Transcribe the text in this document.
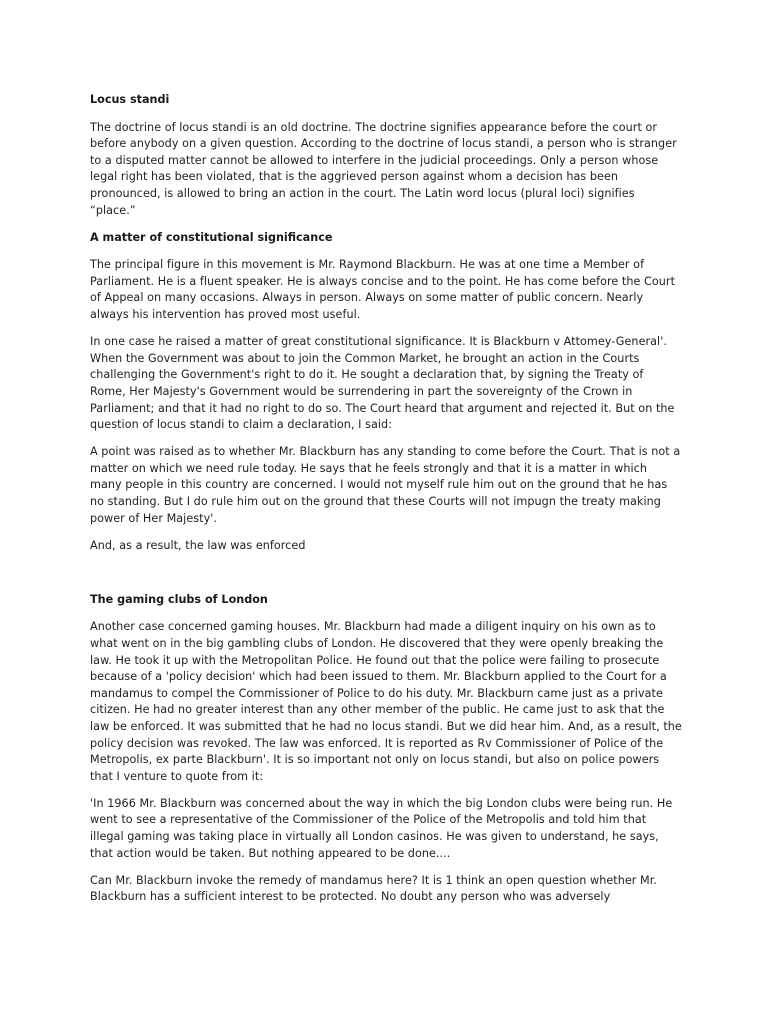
Locus standi

The doctrine of locus standi is an old doctrine. The doctrine signifies appearance before the court or before anybody on a given question. According to the doctrine of locus standi, a person who is stranger to a disputed matter cannot be allowed to interfere in the judicial proceedings. Only a person whose legal right has been violated, that is the aggrieved person against whom a decision has been pronounced, is allowed to bring an action in the court. The Latin word locus (plural loci) signifies “place.”

A matter of constitutional significance

The principal figure in this movement is Mr. Raymond Blackburn. He was at one time a Member of Parliament. He is a fluent speaker. He is always concise and to the point. He has come before the Court of Appeal on many occasions. Always in person. Always on some matter of public concern. Nearly always his intervention has proved most useful.

In one case he raised a matter of great constitutional significance. It is Blackburn v Attomey-General'. When the Government was about to join the Common Market, he brought an action in the Courts challenging the Government's right to do it. He sought a declaration that, by signing the Treaty of Rome, Her Majesty's Government would be surrendering in part the sovereignty of the Crown in Parliament; and that it had no right to do so. The Court heard that argument and rejected it. But on the question of locus standi to claim a declaration, I said:

A point was raised as to whether Mr. Blackburn has any standing to come before the Court. That is not a matter on which we need rule today. He says that he feels strongly and that it is a matter in which many people in this country are concerned. I would not myself rule him out on the ground that he has no standing. But I do rule him out on the ground that these Courts will not impugn the treaty making power of Her Majesty'.

And, as a result, the law was enforced

The gaming clubs of London

Another case concerned gaming houses. Mr. Blackburn had made a diligent inquiry on his own as to what went on in the big gambling clubs of London. He discovered that they were openly breaking the law. He took it up with the Metropolitan Police. He found out that the police were failing to prosecute because of a 'policy decision' which had been issued to them. Mr. Blackburn applied to the Court for a mandamus to compel the Commissioner of Police to do his duty. Mr. Blackburn came just as a private citizen. He had no greater interest than any other member of the public. He came just to ask that the law be enforced. It was submitted that he had no locus standi. But we did hear him. And, as a result, the policy decision was revoked. The law was enforced. It is reported as Rv Commissioner of Police of the Metropolis, ex parte Blackburn'. It is so important not only on locus standi, but also on police powers that I venture to quote from it:

'In 1966 Mr. Blackburn was concerned about the way in which the big London clubs were being run. He went to see a representative of the Commissioner of the Police of the Metropolis and told him that illegal gaming was taking place in virtually all London casinos. He was given to understand, he says, that action would be taken. But nothing appeared to be done....

Can Mr. Blackburn invoke the remedy of mandamus here? It is 1 think an open question whether Mr. Blackburn has a sufficient interest to be protected. No doubt any person who was adversely
